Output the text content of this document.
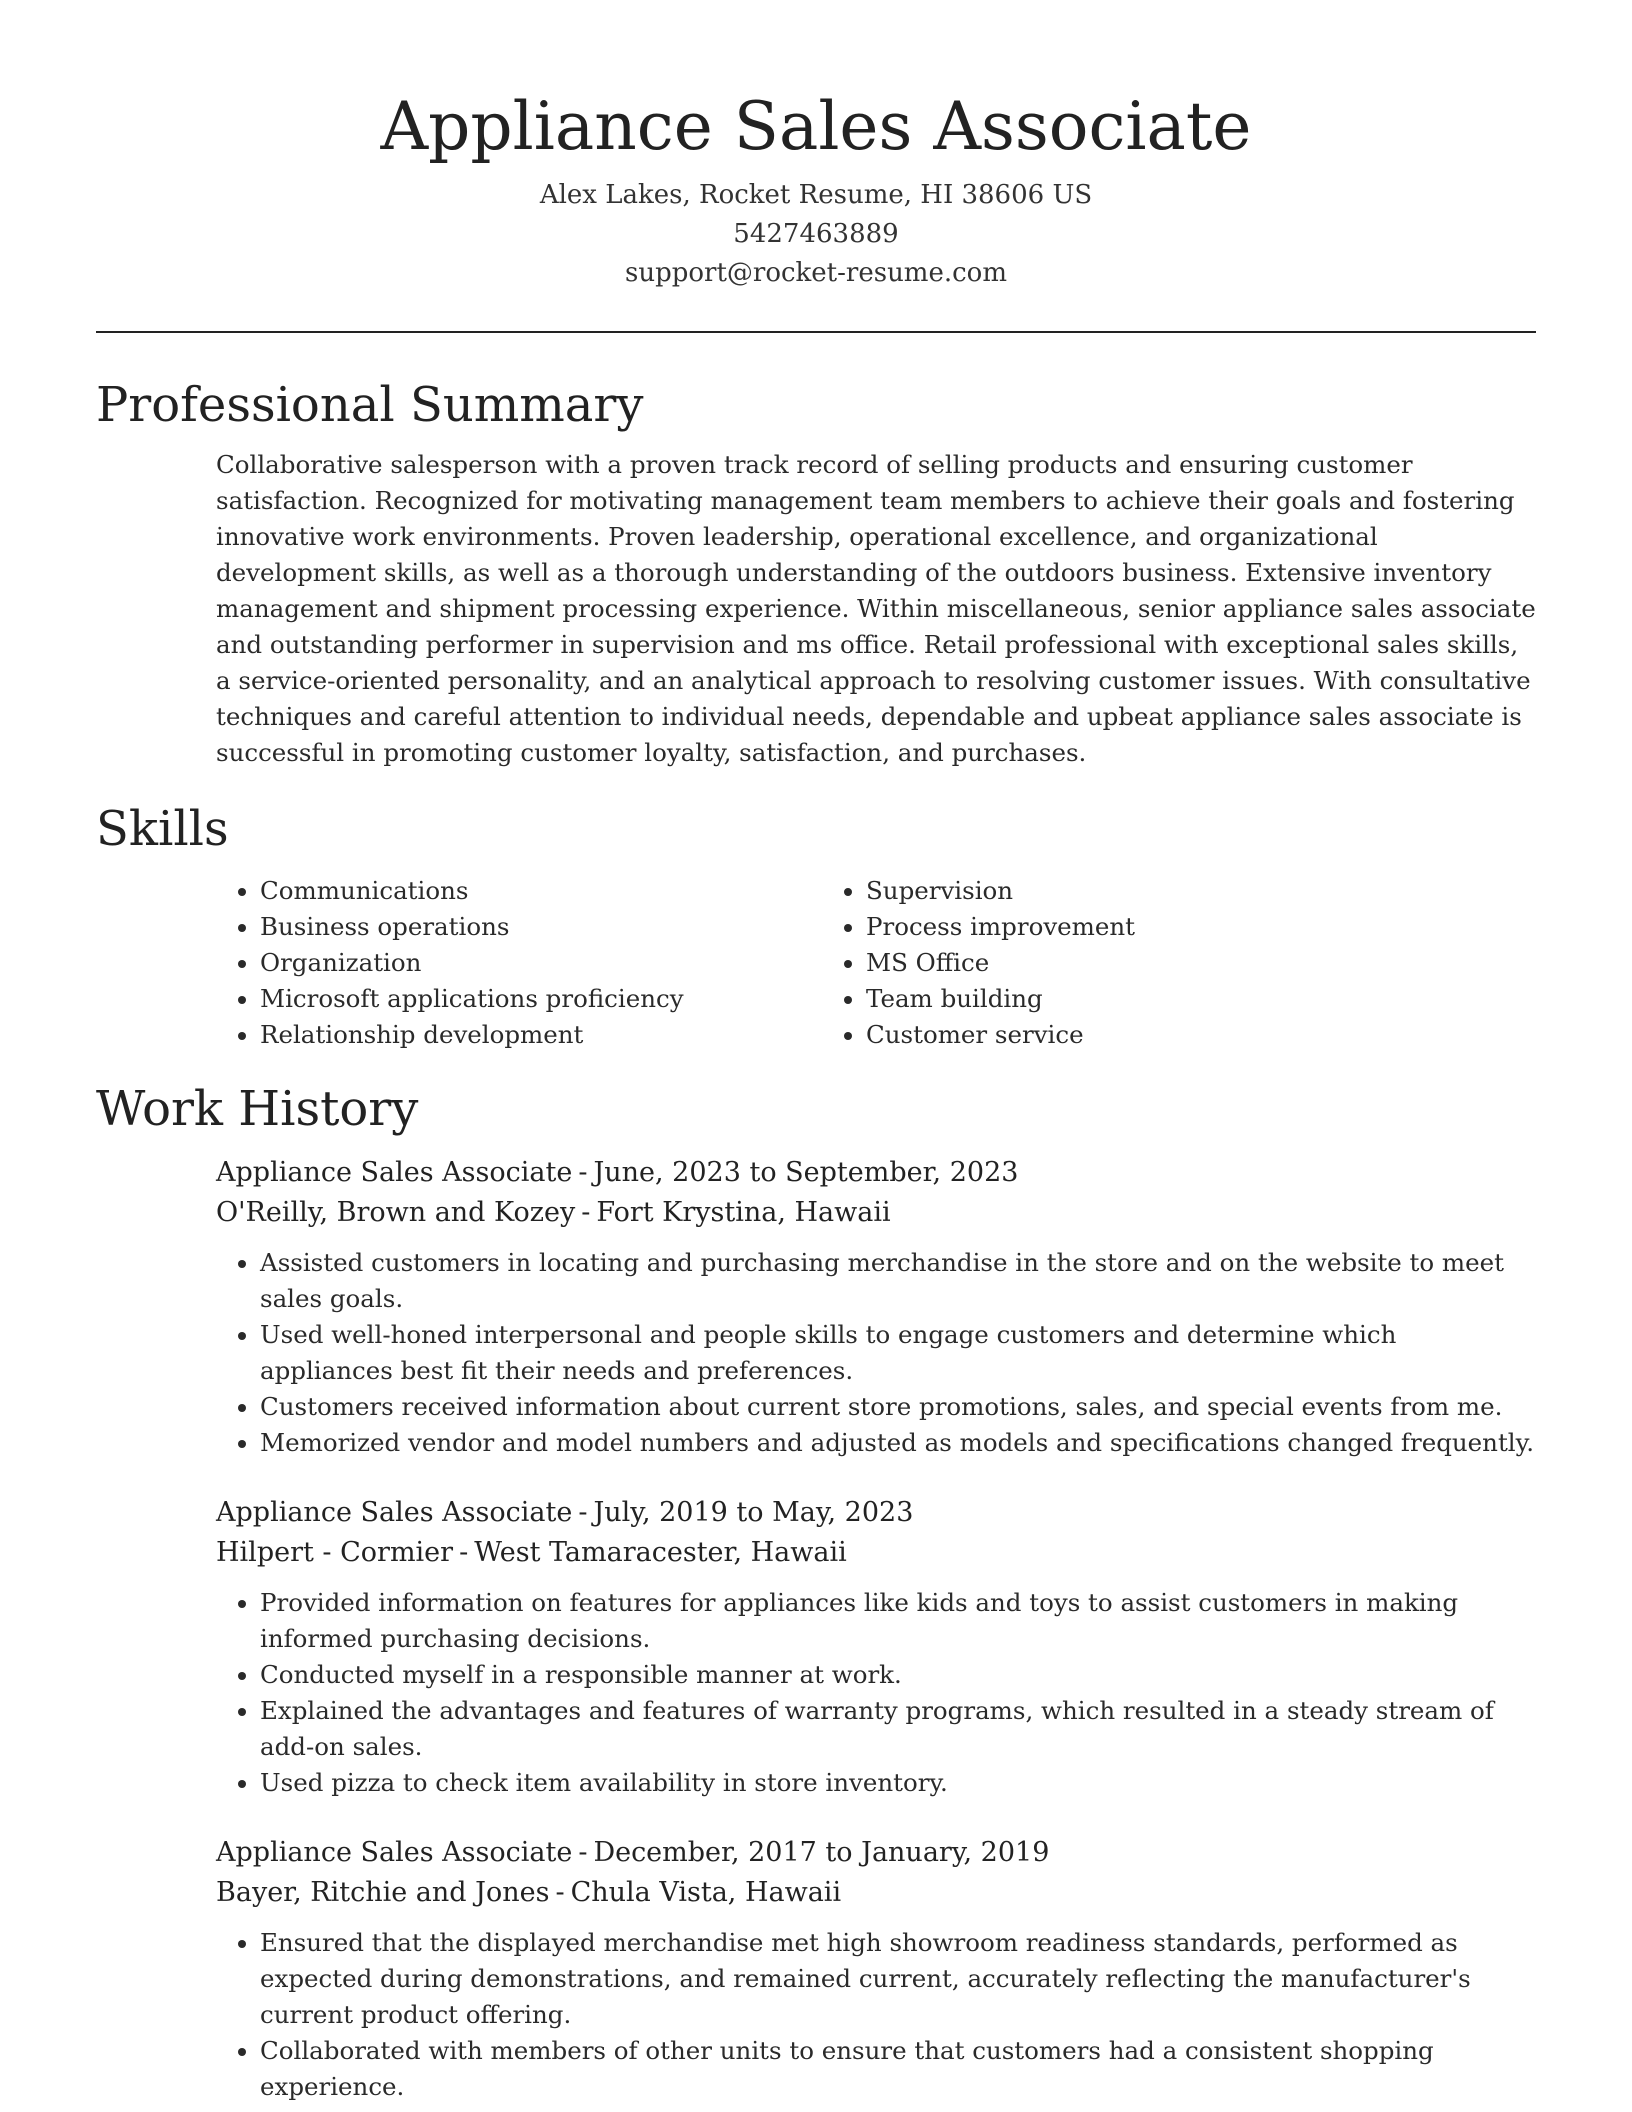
Appliance Sales Associate
Alex Lakes, Rocket Resume, HI 38606 US
5427463889
support@rocket-resume.com
Professional Summary

Collaborative salesperson with a proven track record of selling products and ensuring customer satisfaction. Recognized for motivating management team members to achieve their goals and fostering innovative work environments. Proven leadership, operational excellence, and organizational development skills, as well as a thorough understanding of the outdoors business. Extensive inventory management and shipment processing experience. Within miscellaneous, senior appliance sales associate and outstanding performer in supervision and ms office. Retail professional with exceptional sales skills, a service-oriented personality, and an analytical approach to resolving customer issues. With consultative techniques and careful attention to individual needs, dependable and upbeat appliance sales associate is successful in promoting customer loyalty, satisfaction, and purchases.

Skills
• Communications
• Business operations
• Organization
• Microsoft applications proficiency
• Relationship development
• Supervision
• Process improvement
• MS Office
• Team building
• Customer service
Work History
Appliance Sales Associate - June, 2023 to September, 2023
O'Reilly, Brown and Kozey - Fort Krystina, Hawaii
• Assisted customers in locating and purchasing merchandise in the store and on the website to meet sales goals.
• Used well-honed interpersonal and people skills to engage customers and determine which appliances best fit their needs and preferences.
• Customers received information about current store promotions, sales, and special events from me.
• Memorized vendor and model numbers and adjusted as models and specifications changed frequently.
Appliance Sales Associate - July, 2019 to May, 2023
Hilpert - Cormier - West Tamaracester, Hawaii
• Provided information on features for appliances like kids and toys to assist customers in making informed purchasing decisions.
• Conducted myself in a responsible manner at work.
• Explained the advantages and features of warranty programs, which resulted in a steady stream of add-on sales.
• Used pizza to check item availability in store inventory.
Appliance Sales Associate - December, 2017 to January, 2019
Bayer, Ritchie and Jones - Chula Vista, Hawaii
• Ensured that the displayed merchandise met high showroom readiness standards, performed as expected during demonstrations, and remained current, accurately reflecting the manufacturer's current product offering.
• Collaborated with members of other units to ensure that customers had a consistent shopping experience.
